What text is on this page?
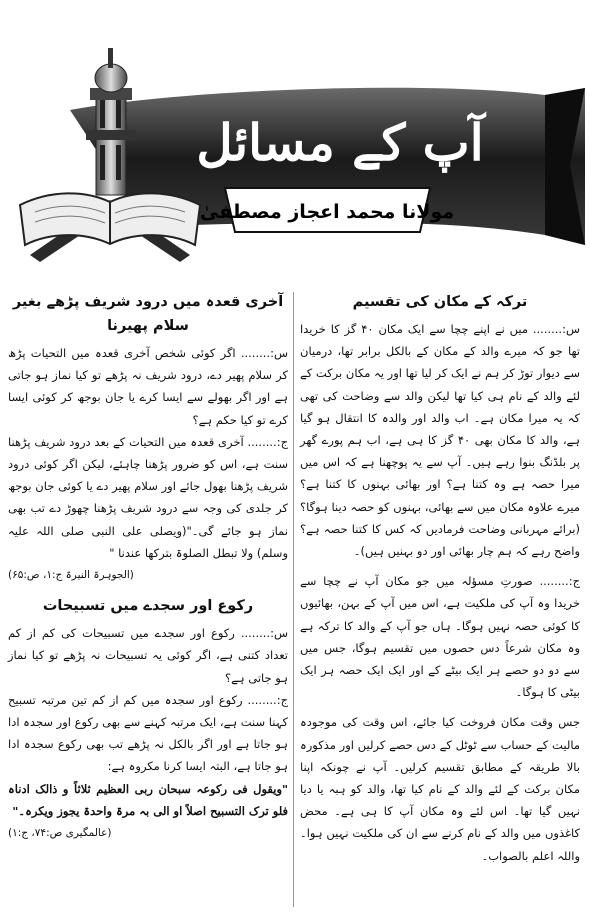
آپ کے مسائل
مولانا محمد اعجاز مصطفیٰ
ترکہ کے مکان کی تقسیم

س:........ میں نے اپنے چچا سے ایک مکان ۴۰ گز کا خریدا تھا جو کہ میرے والد کے مکان کے بالکل برابر تھا، درمیان سے دیوار توڑ کر ہم نے ایک کر لیا تھا اور یہ مکان برکت کے لئے والد کے نام ہی کیا تھا لیکن والد سے وضاحت کی تھی کہ یہ میرا مکان ہے۔ اب والد اور والدہ کا انتقال ہو گیا ہے، والد کا مکان بھی ۴۰ گز کا ہی ہے، اب ہم پورے گھر پر بلڈنگ بنوا رہے ہیں۔ آپ سے یہ پوچھنا ہے کہ اس میں میرا حصہ ہے وہ کتنا ہے؟ اور بھائی بہنوں کا کتنا ہے؟ میرے علاوہ مکان میں سے بھائی، بہنوں کو حصہ دینا ہوگا؟ (برائے مہربانی وضاحت فرمادیں کہ کس کا کتنا حصہ ہے؟ واضح رہے کہ ہم چار بھائی اور دو بہنیں ہیں)۔

ج:........ صورتِ مسؤلہ میں جو مکان آپ نے چچا سے خریدا وہ آپ کی ملکیت ہے، اس میں آپ کے بہن، بھائیوں کا کوئی حصہ نہیں ہوگا۔ ہاں جو آپ کے والد کا ترکہ ہے وہ مکان شرعاً دس حصوں میں تقسیم ہوگا، جس میں سے دو دو حصے ہر ایک بیٹے کے اور ایک ایک حصہ ہر ایک بیٹی کا ہوگا۔

جس وقت مکان فروخت کیا جائے، اس وقت کی موجودہ مالیت کے حساب سے ٹوٹل کے دس حصے کرلیں اور مذکورہ بالا طریقہ کے مطابق تقسیم کرلیں۔ آپ نے چونکہ اپنا مکان برکت کے لئے والد کے نام کیا تھا، والد کو ہبہ یا دیا نہیں گیا تھا۔ اس لئے وہ مکان آپ کا ہی ہے۔ محض کاغذوں میں والد کے نام کرنے سے ان کی ملکیت نہیں ہوا۔ واللہ اعلم بالصواب۔

آخری قعدہ میں درود شریف پڑھے بغیر سلام پھیرنا

س:........ اگر کوئی شخص آخری قعدہ میں التحیات پڑھ کر سلام پھیر دے، درود شریف نہ پڑھے تو کیا نماز ہو جاتی ہے اور اگر بھولے سے ایسا کرے یا جان بوجھ کر کوئی ایسا کرے تو کیا حکم ہے؟

ج:........ آخری قعدہ میں التحیات کے بعد درود شریف پڑھنا سنت ہے، اس کو ضرور پڑھنا چاہئے، لیکن اگر کوئی درود شریف پڑھنا بھول جائے اور سلام پھیر دے یا کوئی جان بوجھ کر جلدی کی وجہ سے درود شریف پڑھنا چھوڑ دے تب بھی نماز ہو جائے گی۔"(ویصلی علی النبی صلی اللہ علیہ وسلم) ولا تبطل الصلوۃ بترکھا عندنا "

(الجوہرۃ النیرۃ ج:۱، ص:۶۵)
رکوع اور سجدے میں تسبیحات

س:........ رکوع اور سجدے میں تسبیحات کی کم از کم تعداد کتنی ہے، اگر کوئی یہ تسبیحات نہ پڑھے تو کیا نماز ہو جاتی ہے؟

ج:........ رکوع اور سجدہ میں کم از کم تین مرتبہ تسبیح کہنا سنت ہے، ایک مرتبہ کہنے سے بھی رکوع اور سجدہ ادا ہو جاتا ہے اور اگر بالکل نہ پڑھے تب بھی رکوع سجدہ ادا ہو جاتا ہے، البتہ ایسا کرنا مکروہ ہے:

"ویقول فی رکوعہ سبحان ربی العظیم ثلاثاً و ذالک ادناہ فلو ترک التسبیح اصلاً او الی بہ مرۃ واحدۃ یجوز ویکرہ۔"

(عالمگیری ص:۷۴، ج:۱)
